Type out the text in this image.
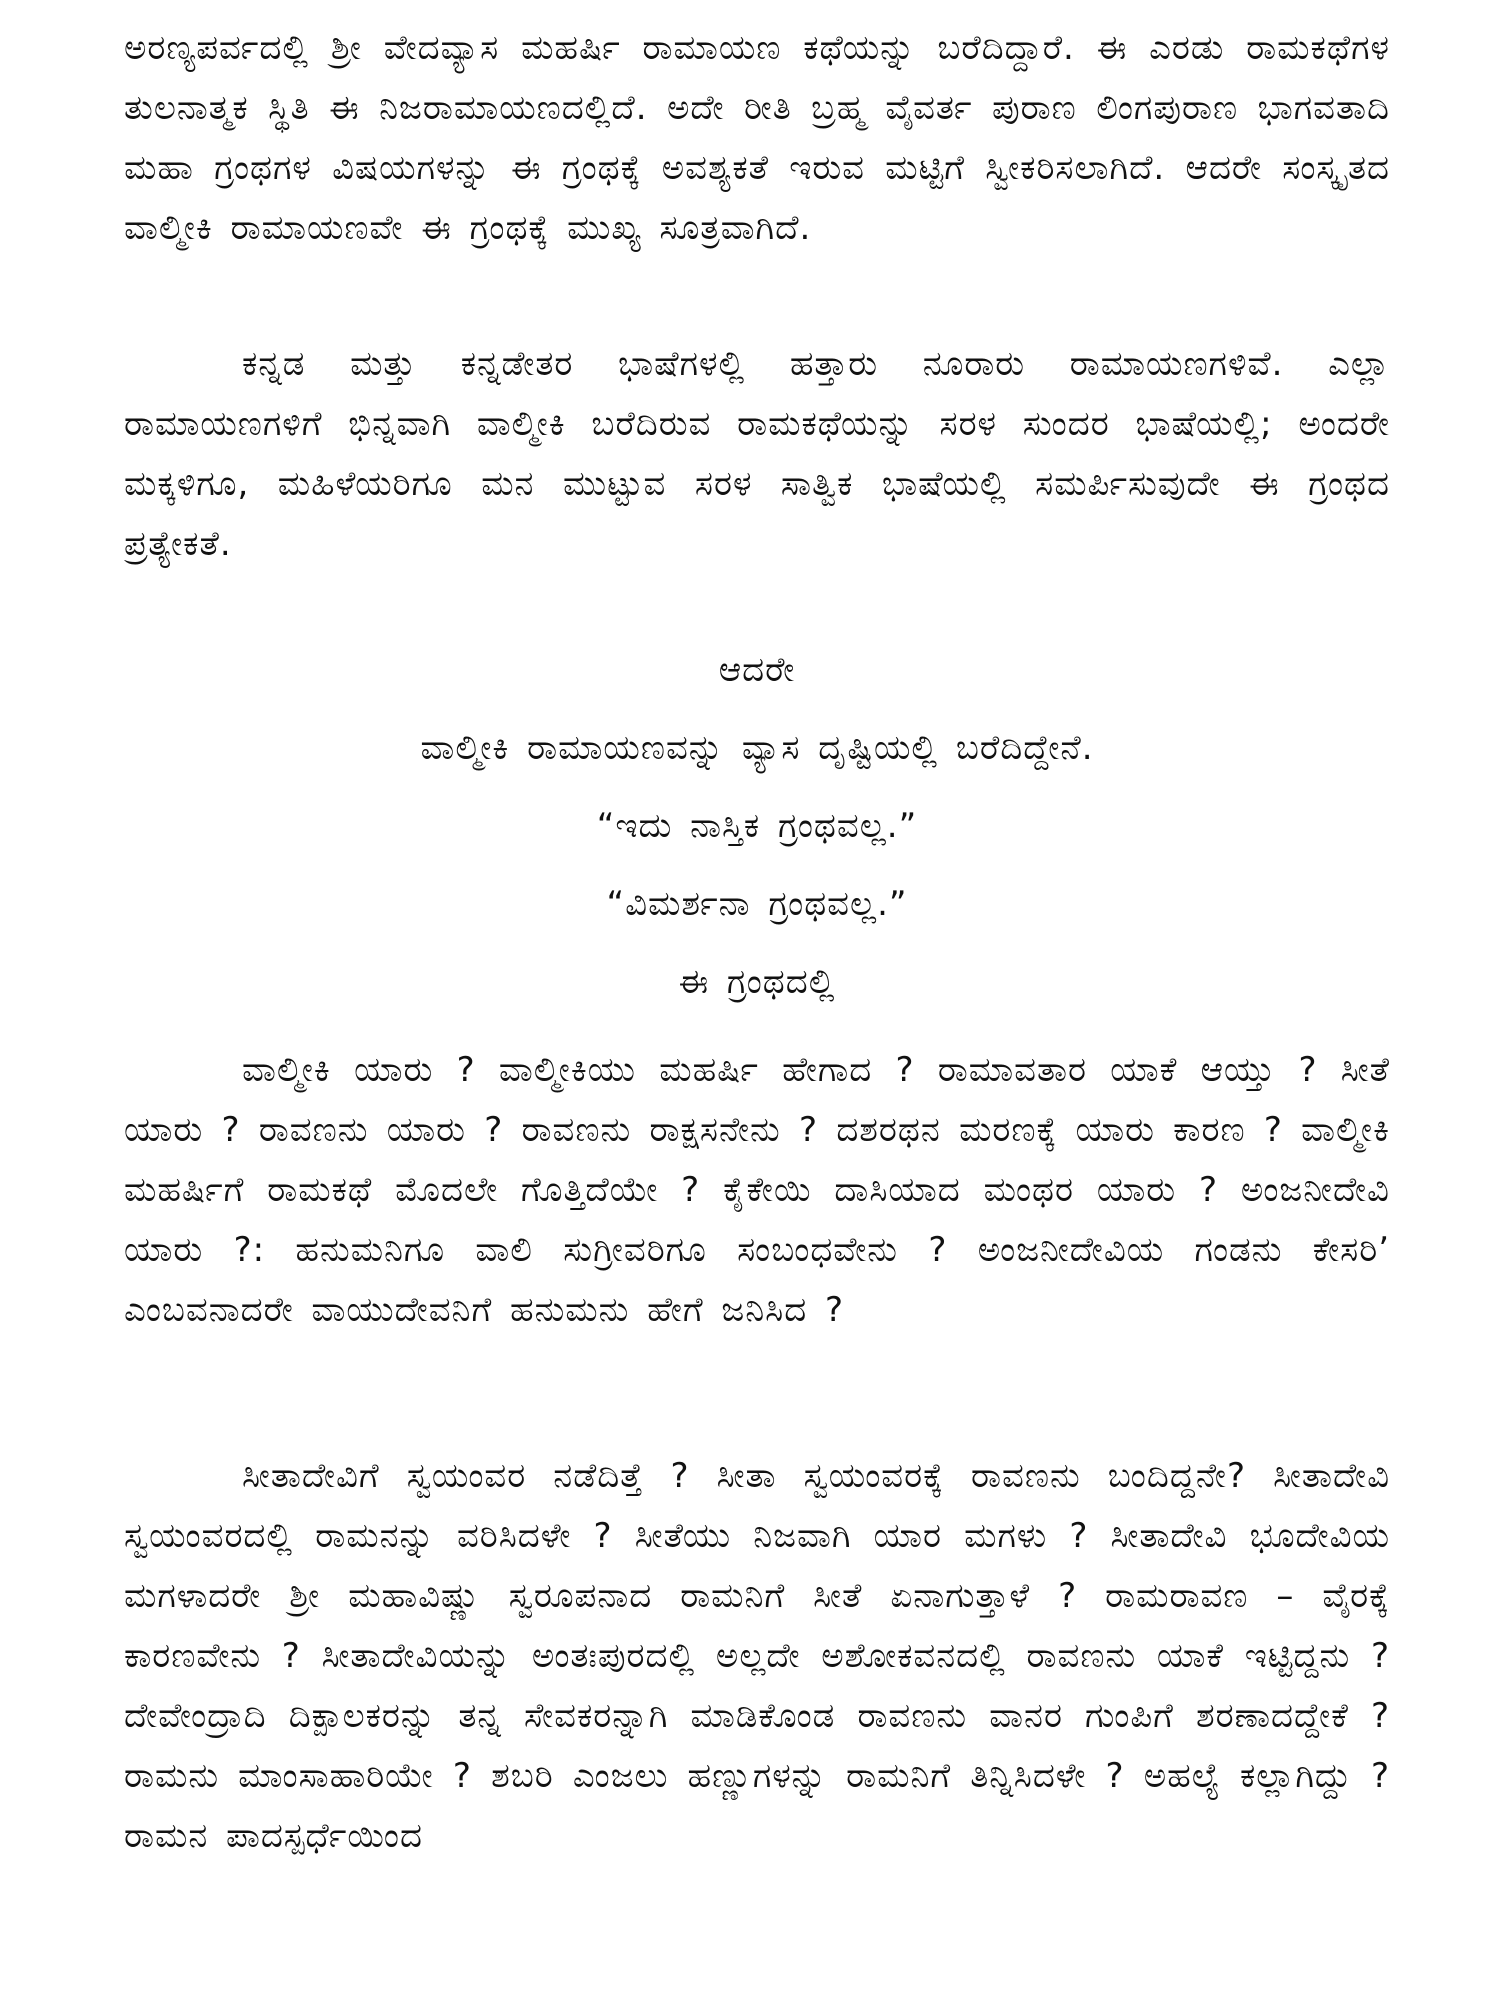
ಅರಣ್ಯಪರ್ವದಲ್ಲಿ ಶ್ರೀ ವೇದವ್ಯಾಸ ಮಹರ್ಷಿ ರಾಮಾಯಣ ಕಥೆಯನ್ನು ಬರೆದಿದ್ದಾರೆ. ಈ ಎರಡು ರಾಮಕಥೆಗಳ ತುಲನಾತ್ಮಕ ಸ್ಥಿತಿ ಈ ನಿಜರಾಮಾಯಣದಲ್ಲಿದೆ. ಅದೇ ರೀತಿ ಬ್ರಹ್ಮ ವೈವರ್ತ ಪುರಾಣ ಲಿಂಗಪುರಾಣ ಭಾಗವತಾದಿ ಮಹಾ ಗ್ರಂಥಗಳ ವಿಷಯಗಳನ್ನು ಈ ಗ್ರಂಥಕ್ಕೆ ಅವಶ್ಯಕತೆ ಇರುವ ಮಟ್ಟಿಗೆ ಸ್ವೀಕರಿಸಲಾಗಿದೆ. ಆದರೇ ಸಂಸ್ಕೃತದ ವಾಲ್ಮೀಕಿ ರಾಮಾಯಣವೇ ಈ ಗ್ರಂಥಕ್ಕೆ ಮುಖ್ಯ ಸೂತ್ರವಾಗಿದೆ.

ಕನ್ನಡ ಮತ್ತು ಕನ್ನಡೇತರ ಭಾಷೆಗಳಲ್ಲಿ ಹತ್ತಾರು ನೂರಾರು ರಾಮಾಯಣಗಳಿವೆ. ಎಲ್ಲಾ ರಾಮಾಯಣಗಳಿಗೆ ಭಿನ್ನವಾಗಿ ವಾಲ್ಮೀಕಿ ಬರೆದಿರುವ ರಾಮಕಥೆಯನ್ನು ಸರಳ ಸುಂದರ ಭಾಷೆಯಲ್ಲಿ; ಅಂದರೇ ಮಕ್ಕಳಿಗೂ, ಮಹಿಳೆಯರಿಗೂ ಮನ ಮುಟ್ಟುವ ಸರಳ ಸಾತ್ವಿಕ ಭಾಷೆಯಲ್ಲಿ ಸಮರ್ಪಿಸುವುದೇ ಈ ಗ್ರಂಥದ ಪ್ರತ್ಯೇಕತೆ.

ಆದರೇ

ವಾಲ್ಮೀಕಿ ರಾಮಾಯಣವನ್ನು ವ್ಯಾಸ ದೃಷ್ಟಿಯಲ್ಲಿ ಬರೆದಿದ್ದೇನೆ.

“ಇದು ನಾಸ್ತಿಕ ಗ್ರಂಥವಲ್ಲ.”

“ವಿಮರ್ಶನಾ ಗ್ರಂಥವಲ್ಲ.”

ಈ ಗ್ರಂಥದಲ್ಲಿ

ವಾಲ್ಮೀಕಿ ಯಾರು ? ವಾಲ್ಮೀಕಿಯು ಮಹರ್ಷಿ ಹೇಗಾದ ? ರಾಮಾವತಾರ ಯಾಕೆ ಆಯ್ತು ? ಸೀತೆ ಯಾರು ? ರಾವಣನು ಯಾರು ? ರಾವಣನು ರಾಕ್ಷಸನೇನು ? ದಶರಥನ ಮರಣಕ್ಕೆ ಯಾರು ಕಾರಣ ? ವಾಲ್ಮೀಕಿ ಮಹರ್ಷಿಗೆ ರಾಮಕಥೆ ಮೊದಲೇ ಗೊತ್ತಿದೆಯೇ ? ಕೈಕೇಯಿ ದಾಸಿಯಾದ ಮಂಥರ ಯಾರು ? ಅಂಜನೀದೇವಿ ಯಾರು ?: ಹನುಮನಿಗೂ ವಾಲಿ ಸುಗ್ರೀವರಿಗೂ ಸಂಬಂಧವೇನು ? ಅಂಜನೀದೇವಿಯ ಗಂಡನು ಕೇಸರಿ’ ಎಂಬವನಾದರೇ ವಾಯುದೇವನಿಗೆ ಹನುಮನು ಹೇಗೆ ಜನಿಸಿದ ?

ಸೀತಾದೇವಿಗೆ ಸ್ವಯಂವರ ನಡೆದಿತ್ತೆ ? ಸೀತಾ ಸ್ವಯಂವರಕ್ಕೆ ರಾವಣನು ಬಂದಿದ್ದನೇ? ಸೀತಾದೇವಿ ಸ್ವಯಂವರದಲ್ಲಿ ರಾಮನನ್ನು ವರಿಸಿದಳೇ ? ಸೀತೆಯು ನಿಜವಾಗಿ ಯಾರ ಮಗಳು ? ಸೀತಾದೇವಿ ಭೂದೇವಿಯ ಮಗಳಾದರೇ ಶ್ರೀ ಮಹಾವಿಷ್ಣು ಸ್ವರೂಪನಾದ ರಾಮನಿಗೆ ಸೀತೆ ಏನಾಗುತ್ತಾಳೆ ? ರಾಮರಾವಣ – ವೈರಕ್ಕೆ ಕಾರಣವೇನು ? ಸೀತಾದೇವಿಯನ್ನು ಅಂತಃಪುರದಲ್ಲಿ ಅಲ್ಲದೇ ಅಶೋಕವನದಲ್ಲಿ ರಾವಣನು ಯಾಕೆ ಇಟ್ಟಿದ್ದನು ? ದೇವೇಂದ್ರಾದಿ ದಿಕ್ಪಾಲಕರನ್ನು ತನ್ನ ಸೇವಕರನ್ನಾಗಿ ಮಾಡಿಕೊಂಡ ರಾವಣನು ವಾನರ ಗುಂಪಿಗೆ ಶರಣಾದದ್ದೇಕೆ ? ರಾಮನು ಮಾಂಸಾಹಾರಿಯೇ ? ಶಬರಿ ಎಂಜಲು ಹಣ್ಣುಗಳನ್ನು ರಾಮನಿಗೆ ತಿನ್ನಿಸಿದಳೇ ? ಅಹಲ್ಯೆ ಕಲ್ಲಾಗಿದ್ದು ? ರಾಮನ ಪಾದಸ್ಪರ್ಧೆಯಿಂದ
